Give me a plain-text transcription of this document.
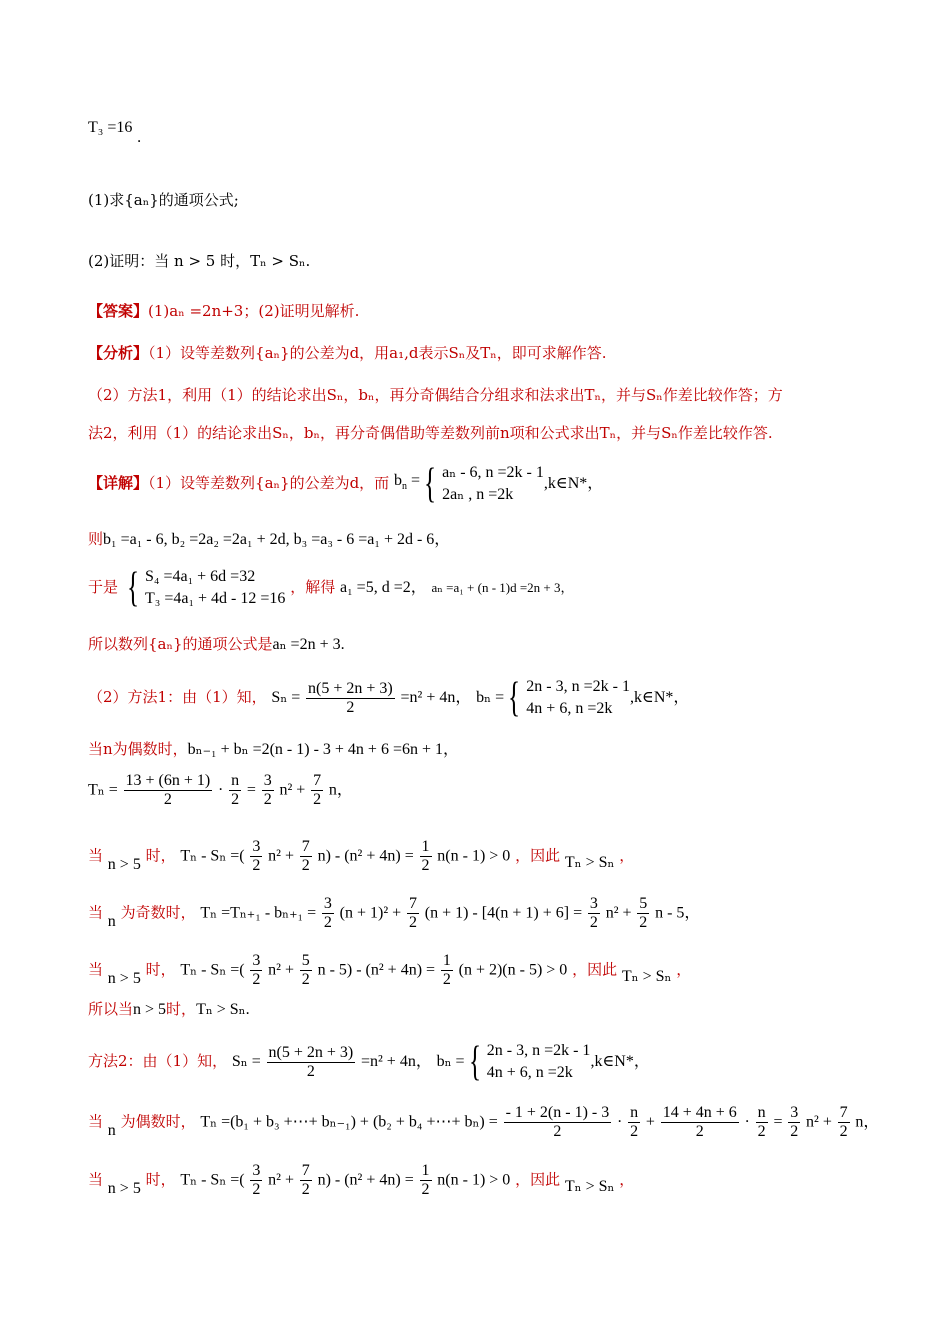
T₃ =16 .
(1)求{aₙ}的通项公式;
(2)证明：当 n > 5 时，Tₙ > Sₙ.
【答案】(1)aₙ =2n+3；(2)证明见解析.
【分析】（1）设等差数列{aₙ}的公差为d，用a₁,d表示Sₙ及Tₙ，即可求解作答.
（2）方法1，利用（1）的结论求出Sₙ，bₙ，再分奇偶结合分组求和法求出Tₙ，并与Sₙ作差比较作答；方
法2，利用（1）的结论求出Sₙ，bₙ，再分奇偶借助等差数列前n项和公式求出Tₙ，并与Sₙ作差比较作答.
【详解】（1）设等差数列{aₙ}的公差为d，而 $b_n$ = { aₙ - 6, n =2k - 1
2aₙ , n =2k
,k∈N*，
则b₁ =a₁ - 6, b₂ =2a₂ =2a₁ + 2d, b₃ =a₃ - 6 =a₁ + 2d - 6，
于是 { S₄ =4a₁ + 6d =32
T₃ =4a₁ + 4d - 12 =16
，解得 a₁ =5, d =2， aₙ =a₁ + (n - 1)d =2n + 3，
所以数列{aₙ}的通项公式是aₙ =2n + 3.
（2）方法1：由（1）知， $S_n = \frac{n(5 + 2n + 3)}{2} =n^2 + 4n$， bₙ = { 2n - 3, n =2k - 1
4n + 6, n =2k
,k∈N*，
当n为偶数时，bₙ₋₁ + bₙ =2(n - 1) - 3 + 4n + 6 =6n + 1，
$T_n = \frac{13 + (6n + 1)}{2} \cdot \frac{n}{2} = \frac{3}{2} n^2 + \frac{7}{2}$ n，
当 n > 5 时， Tₙ - Sₙ =( $\frac{3}{2} n^2 + \frac{7}{2} n) - (n^2 + 4n) = \frac{1}{2} n(n - 1) > 0$ ，因此 Tₙ > Sₙ ，
当 n 为奇数时， $T_n =T_{n+1} - b_{n+1} = \frac{3}{2} (n + 1)^2 + \frac{7}{2} (n + 1) - [4(n + 1) + 6] = \frac{3}{2} n^2 + \frac{5}{2}$ n - 5，
当 n > 5 时， Tₙ - Sₙ =( $\frac{3}{2} n^2 + \frac{5}{2}$ $n - 5) - (n^2 + 4n) = \frac{1}{2} (n + 2)(n - 5) > 0$ ，因此 Tₙ > Sₙ ，
所以当n > 5时，Tₙ > Sₙ.
方法2：由（1）知， $S_n = \frac{n(5 + 2n + 3)}{2} =n^2 + 4n$， bₙ = { 2n - 3, n =2k - 1
4n + 6, n =2k
,k∈N*，
当 n 为偶数时， Tₙ =(b₁ + b₃ +⋯+ bₙ₋₁) + (b₂ + b₄ +⋯+ $b_n) = \frac{- 1 + 2(n - 1) - 3}{2} \cdot \frac{n}{2} + \frac{14 + 4n + 6}{2} \cdot \frac{n}{2} = \frac{3}{2} n^2 + \frac{7}{2}$ n，
当 n > 5 时， Tₙ - Sₙ =( $\frac{3}{2} n^2 + \frac{7}{2} n) - (n^2 + 4n) = \frac{1}{2} n(n - 1) > 0$ ，因此 Tₙ > Sₙ ，
